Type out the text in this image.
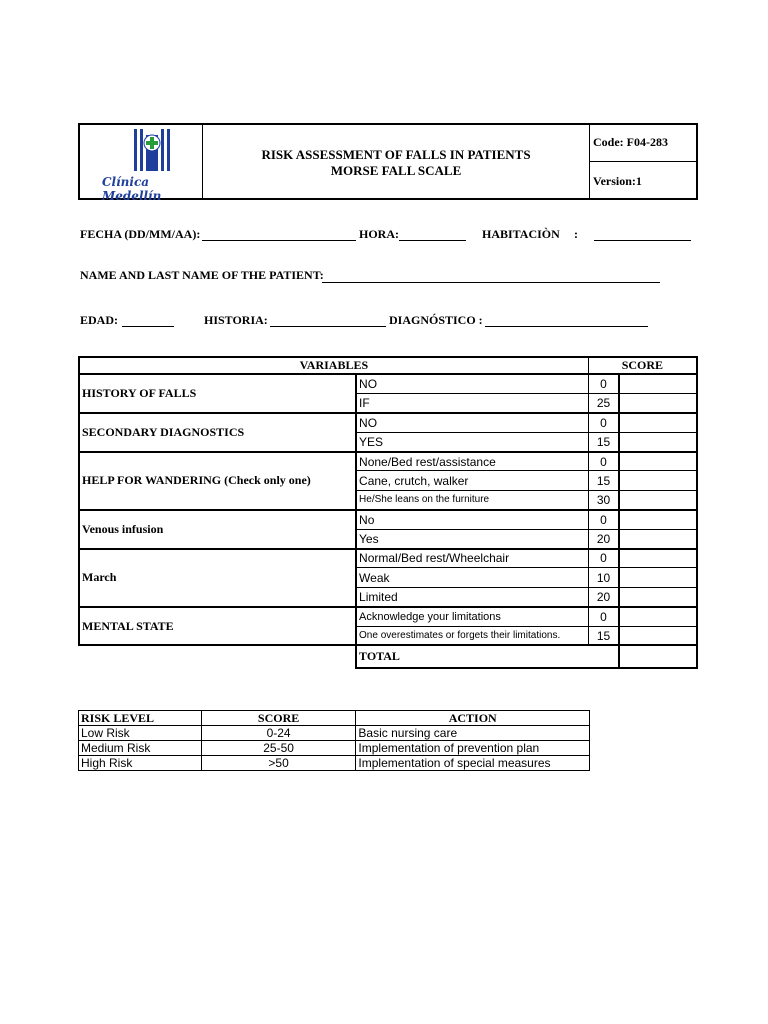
Clínica Medellín
RISK ASSESSMENT OF FALLS IN PATIENTS
MORSE FALL SCALE
Code: F04-283
Version:1
FECHA (DD/MM/AA):	HORA:	HABITACIÒN :
NAME AND LAST NAME OF THE PATIENT:
EDAD:	HISTORIA:	DIAGNÓSTICO :
VARIABLES		SCORE	
HISTORY OF FALLS	NO	0	
	IF	25	
SECONDARY DIAGNOSTICS	NO	0	
	YES	15	
HELP FOR WANDERING (Check only one)	None/Bed rest/assistance	0	
	Cane, crutch, walker	15	
	He/She leans on the furniture	30	
Venous infusion	No	0	
	Yes	20	
March	Normal/Bed rest/Wheelchair	0	
	Weak	10	
	Limited	20	
MENTAL STATE	Acknowledge your limitations	0	
	One overestimates or forgets their limitations.	15	
	TOTAL		
RISK LEVEL	SCORE	ACTION
Low Risk	0-24	Basic nursing care
Medium Risk	25-50	Implementation of prevention plan
High Risk	>50	Implementation of special measures
